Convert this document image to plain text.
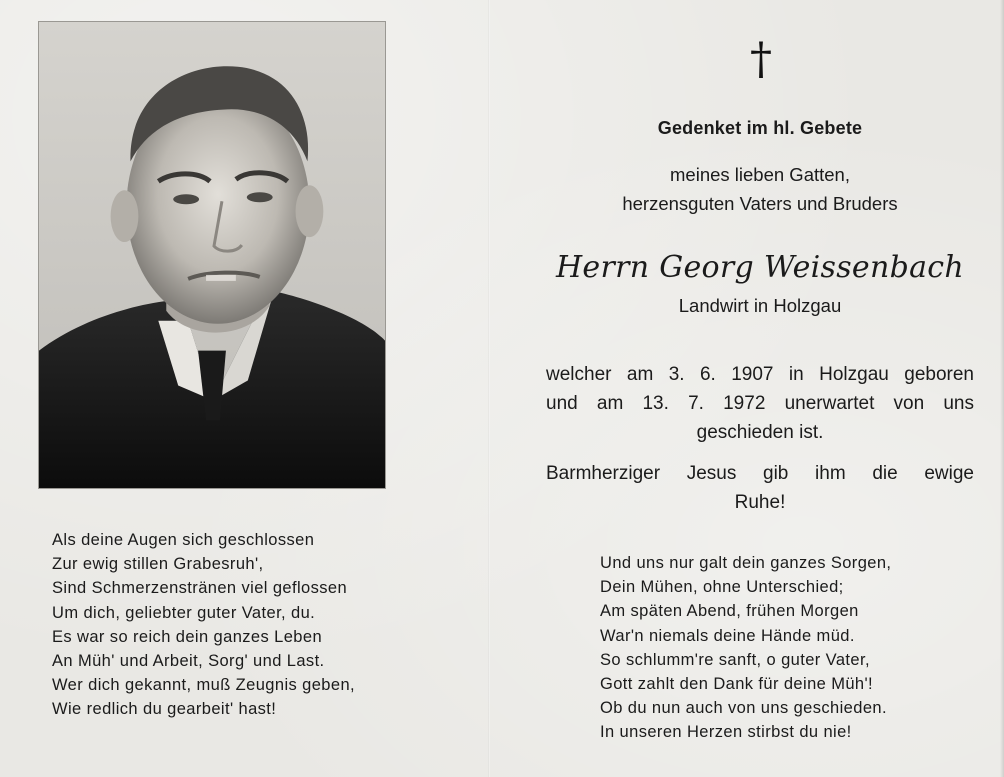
†
Gedenket im hl. Gebete
meines lieben Gatten,
herzensguten Vaters und Bruders
Herrn Georg Weissenbach
Landwirt in Holzgau
welcher am 3. 6. 1907 in Holzgau geboren
und am 13. 7. 1972 unerwartet von uns
geschieden ist.
Barmherziger Jesus gib ihm die ewige
Ruhe!
Als deine Augen sich geschlossen
Zur ewig stillen Grabesruh',
Sind Schmerzenstränen viel geflossen
Um dich, geliebter guter Vater, du.
Es war so reich dein ganzes Leben
An Müh' und Arbeit, Sorg' und Last.
Wer dich gekannt, muß Zeugnis geben,
Wie redlich du gearbeit' hast!
Und uns nur galt dein ganzes Sorgen,
Dein Mühen, ohne Unterschied;
Am späten Abend, frühen Morgen
War'n niemals deine Hände müd.
So schlumm're sanft, o guter Vater,
Gott zahlt den Dank für deine Müh'!
Ob du nun auch von uns geschieden.
In unseren Herzen stirbst du nie!
